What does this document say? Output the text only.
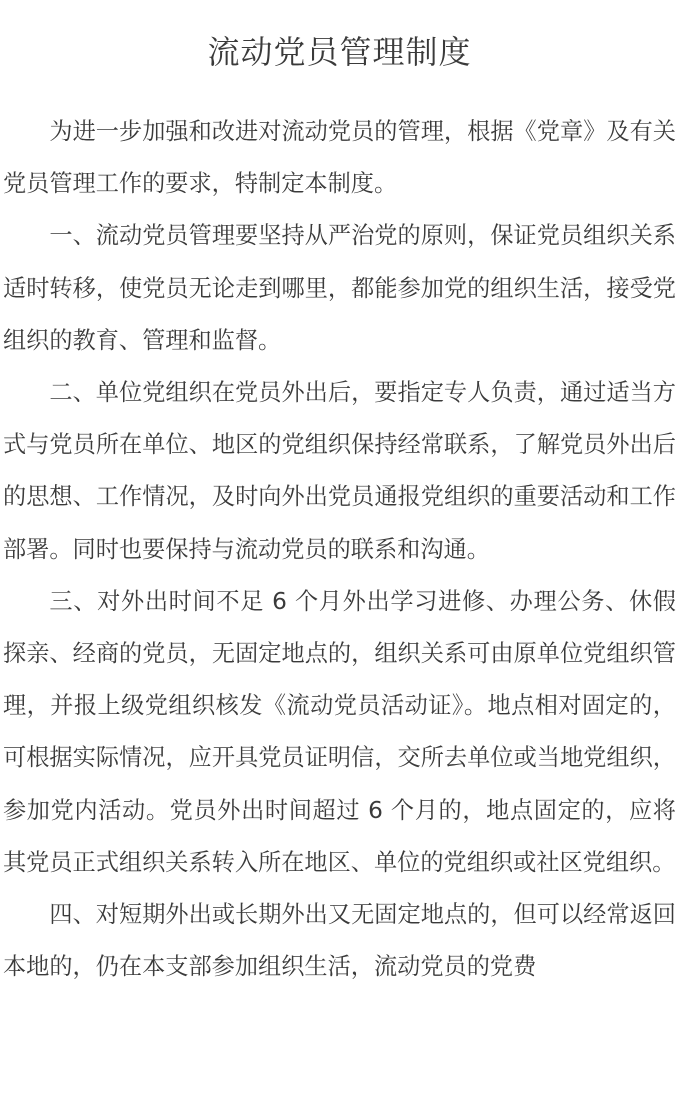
流动党员管理制度

为进一步加强和改进对流动党员的管理，根据《党章》及有关党员管理工作的要求，特制定本制度。

一、流动党员管理要坚持从严治党的原则，保证党员组织关系适时转移，使党员无论走到哪里，都能参加党的组织生活，接受党组织的教育、管理和监督。

二、单位党组织在党员外出后，要指定专人负责，通过适当方式与党员所在单位、地区的党组织保持经常联系，了解党员外出后的思想、工作情况，及时向外出党员通报党组织的重要活动和工作部署。同时也要保持与流动党员的联系和沟通。

三、对外出时间不足 6 个月外出学习进修、办理公务、休假探亲、经商的党员，无固定地点的，组织关系可由原单位党组织管理，并报上级党组织核发《流动党员活动证》。地点相对固定的，可根据实际情况，应开具党员证明信，交所去单位或当地党组织，参加党内活动。党员外出时间超过 6 个月的，地点固定的，应将其党员正式组织关系转入所在地区、单位的党组织或社区党组织。

四、对短期外出或长期外出又无固定地点的，但可以经常返回本地的，仍在本支部参加组织生活，流动党员的党费
